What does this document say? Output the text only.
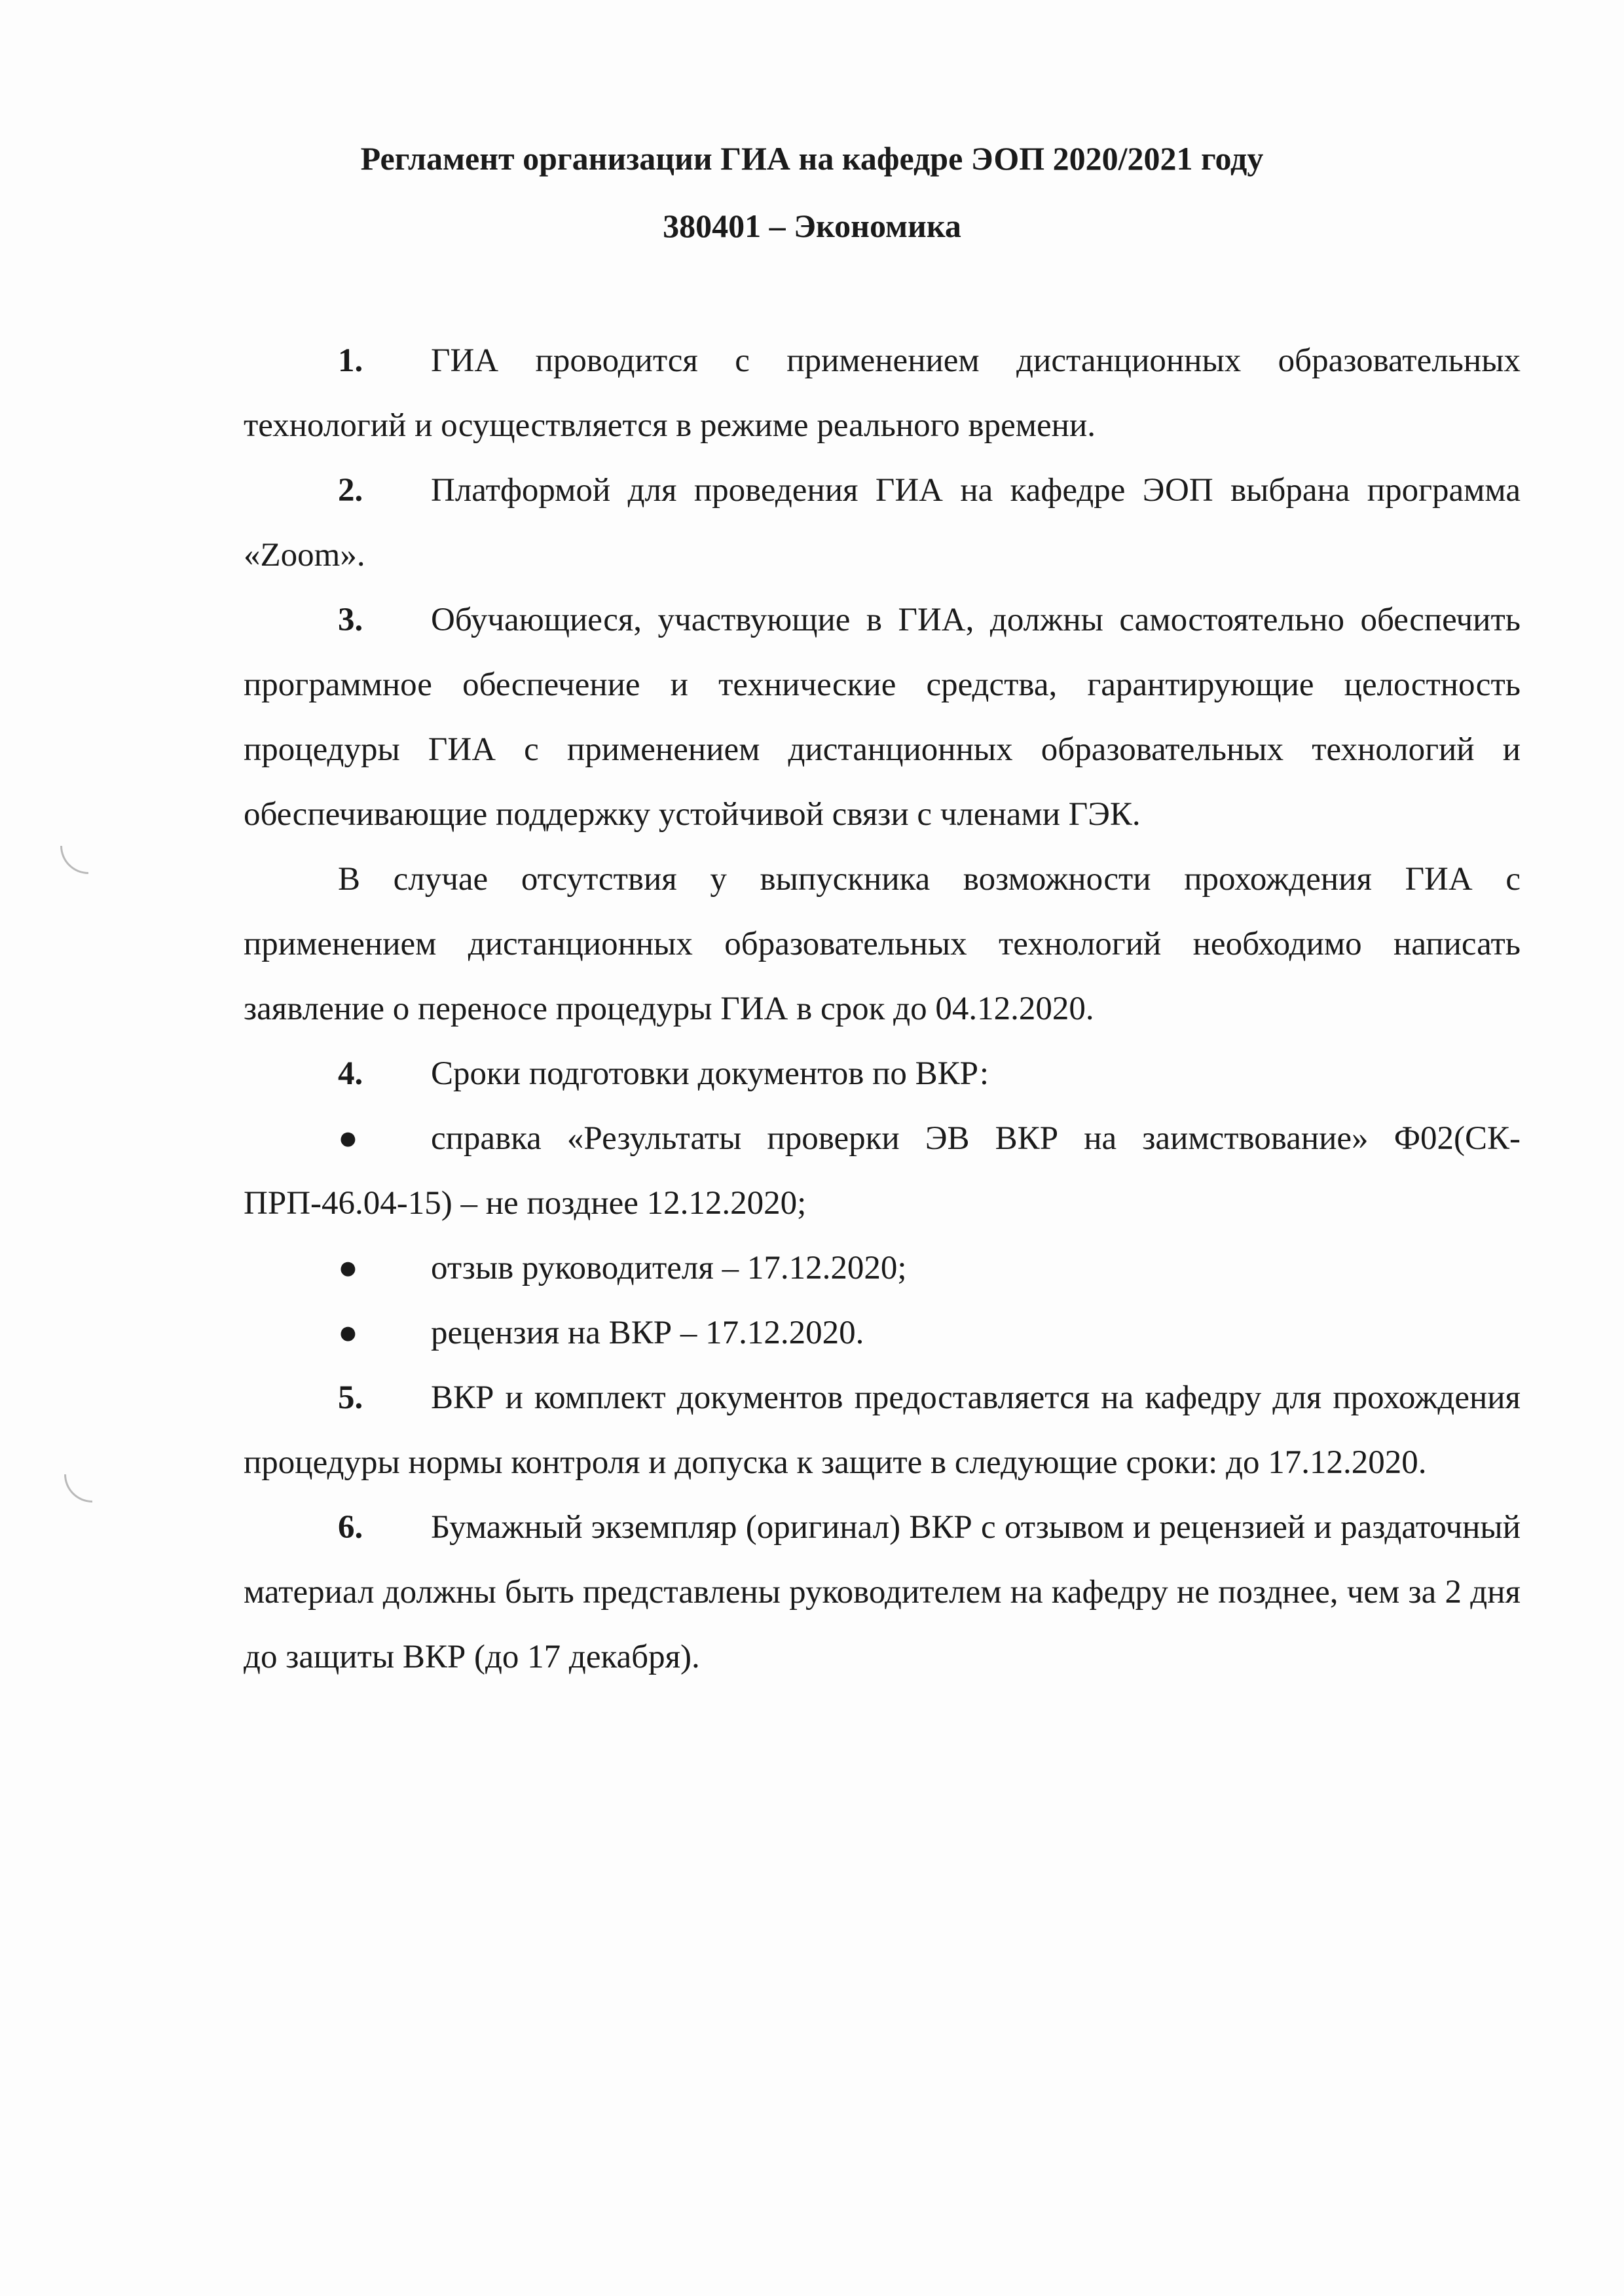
Регламент организации ГИА на кафедре ЭОП 2020/2021 году
380401 – Экономика

1. ГИА проводится с применением дистанционных образовательных технологий и осуществляется в режиме реального времени.

2. Платформой для проведения ГИА на кафедре ЭОП выбрана программа «Zoom».

3. Обучающиеся, участвующие в ГИА, должны самостоятельно обеспечить программное обеспечение и технические средства, гарантирующие целостность процедуры ГИА с применением дистанционных образовательных технологий и обеспечивающие поддержку устойчивой связи с членами ГЭК.

В случае отсутствия у выпускника возможности прохождения ГИА с применением дистанционных образовательных технологий необходимо написать заявление о переносе процедуры ГИА в срок до 04.12.2020.

4. Сроки подготовки документов по ВКР:

● справка «Результаты проверки ЭВ ВКР на заимствование» Ф02(СК-ПРП-46.04-15) – не позднее 12.12.2020;

● отзыв руководителя – 17.12.2020;

● рецензия на ВКР – 17.12.2020.

5. ВКР и комплект документов предоставляется на кафедру для прохождения процедуры нормы контроля и допуска к защите в следующие сроки: до 17.12.2020.

6. Бумажный экземпляр (оригинал) ВКР с отзывом и рецензией и раздаточный материал должны быть представлены руководителем на кафедру не позднее, чем за 2 дня до защиты ВКР (до 17 декабря).
